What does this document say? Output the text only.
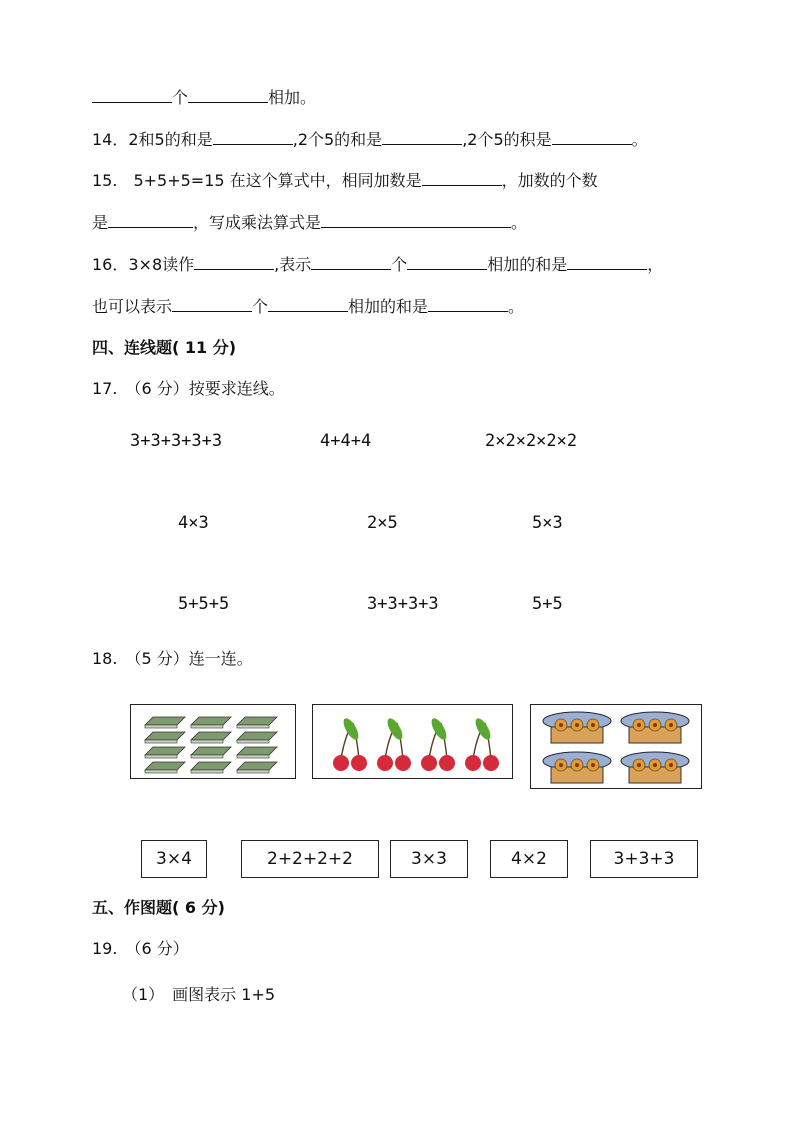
个	相加。
14．2和5的和是	,2个5的和是	,2个5的积是	。
15.　5+5+5=15 在这个算式中，相同加数是	，加数的个数
是	，写成乘法算式是	。
16．3×8读作	,表示	个	相加的和是	，
也可以表示	个	相加的和是	。
四、连线题( 11 分)
17.　（6 分）按要求连线。
3+3+3+3+3	4+4+4	2×2×2×2×2
4×3	2×5	5×3
5+5+5	3+3+3+3	5+5
18.　（5 分）连一连。
3×4	2+2+2+2	3×3	4×2	3+3+3
五、作图题( 6 分)
19.　（6 分）
（1）　画图表示 1+5
